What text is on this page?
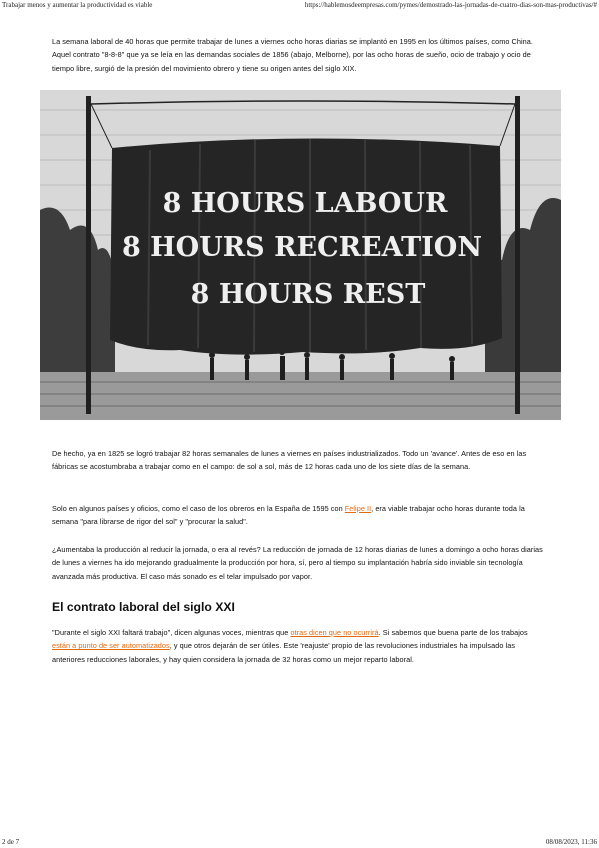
Trabajar menos y aumentar la productividad es viable	https://hablemosdeempresas.com/pymes/demostrado-las-jornadas-de-cuatro-dias-son-mas-productivas/#

La semana laboral de 40 horas que permite trabajar de lunes a viernes ocho horas diarias se implantó en 1995 en los últimos países, como China. Aquel contrato "8-8-8" que ya se leía en las demandas sociales de 1856 (abajo, Melborne), por las ocho horas de sueño, ocio de trabajo y ocio de tiempo libre, surgió de la presión del movimiento obrero y tiene su origen antes del siglo XIX.

8 HOURS LABOUR
8 HOURS RECREATION
8 HOURS REST

De hecho, ya en 1825 se logró trabajar 82 horas semanales de lunes a viernes en países industrializados. Todo un 'avance'. Antes de eso en las fábricas se acostumbraba a trabajar como en el campo: de sol a sol, más de 12 horas cada uno de los siete días de la semana.

Solo en algunos países y oficios, como el caso de los obreros en la España de 1595 con Felipe II, era viable trabajar ocho horas durante toda la semana "para librarse de rigor del sol" y "procurar la salud".

¿Aumentaba la producción al reducir la jornada, o era al revés? La reducción de jornada de 12 horas diarias de lunes a domingo a ocho horas diarias de lunes a viernes ha ido mejorando gradualmente la producción por hora, sí, pero al tiempo su implantación habría sido inviable sin tecnología avanzada más productiva. El caso más sonado es el telar impulsado por vapor.

El contrato laboral del siglo XXI

"Durante el siglo XXI faltará trabajo", dicen algunas voces, mientras que otras dicen que no ocurrirá. Si sabemos que buena parte de los trabajos están a punto de ser automatizados, y que otros dejarán de ser útiles. Este 'reajuste' propio de las revoluciones industriales ha impulsado las anteriores reducciones laborales, y hay quien considera la jornada de 32 horas como un mejor reparto laboral.

2 de 7	08/08/2023, 11:36
